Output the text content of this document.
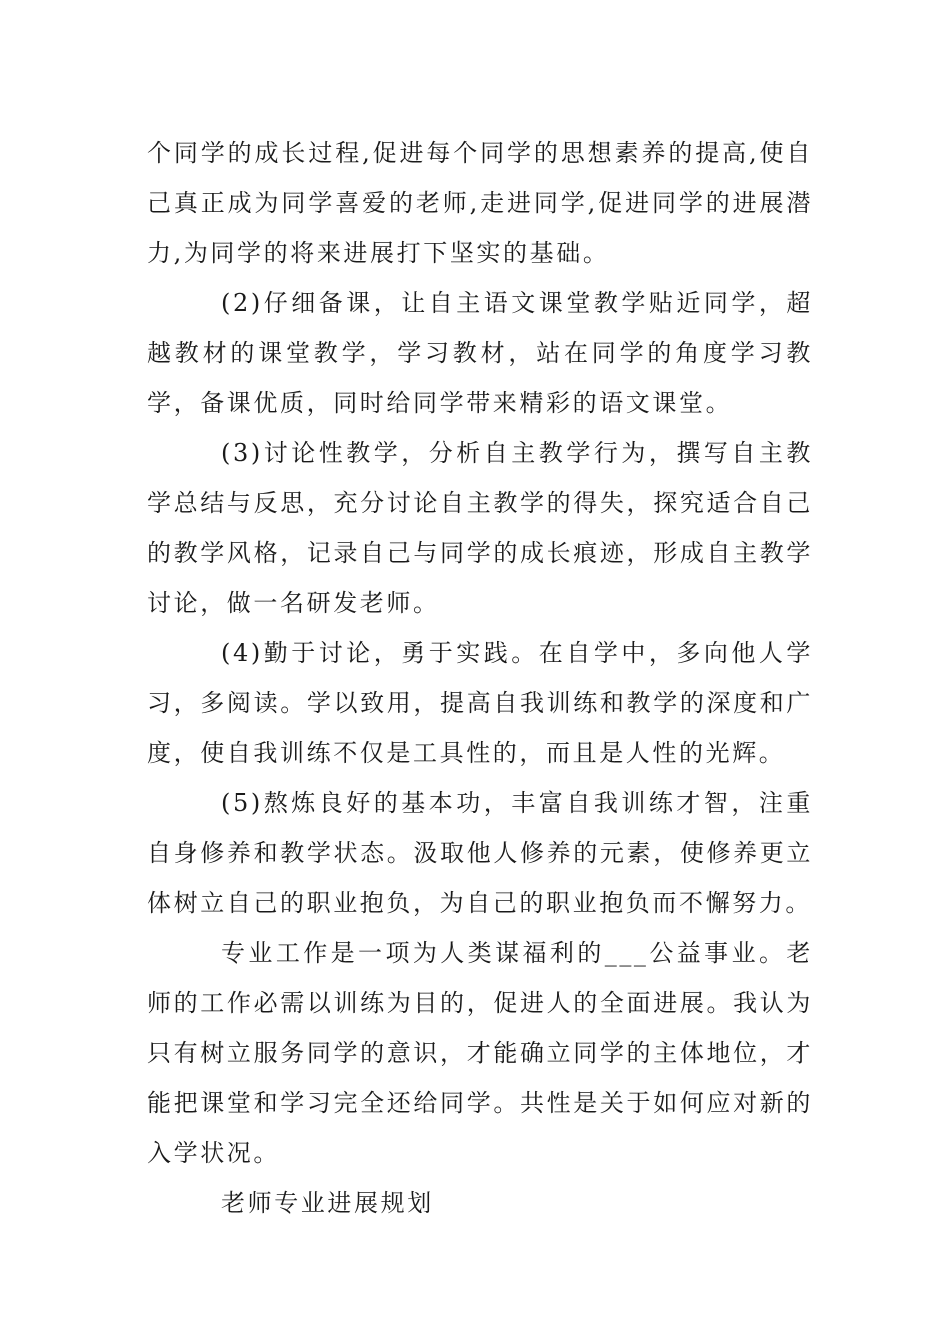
个同学的成长过程,促进每个同学的思想素养的提高,使自己真正成为同学喜爱的老师,走进同学,促进同学的进展潜力,为同学的将来进展打下坚实的基础。

(2)仔细备课，让自主语文课堂教学贴近同学，超越教材的课堂教学，学习教材，站在同学的角度学习教学，备课优质，同时给同学带来精彩的语文课堂。

(3)讨论性教学，分析自主教学行为，撰写自主教学总结与反思，充分讨论自主教学的得失，探究适合自己的教学风格，记录自己与同学的成长痕迹，形成自主教学讨论，做一名研发老师。

(4)勤于讨论，勇于实践。在自学中，多向他人学习，多阅读。学以致用，提高自我训练和教学的深度和广度，使自我训练不仅是工具性的，而且是人性的光辉。

(5)熬炼良好的基本功，丰富自我训练才智，注重自身修养和教学状态。汲取他人修养的元素，使修养更立体树立自己的职业抱负，为自己的职业抱负而不懈努力。

专业工作是一项为人类谋福利的___公益事业。老师的工作必需以训练为目的，促进人的全面进展。我认为只有树立服务同学的意识，才能确立同学的主体地位，才能把课堂和学习完全还给同学。共性是关于如何应对新的入学状况。

老师专业进展规划
